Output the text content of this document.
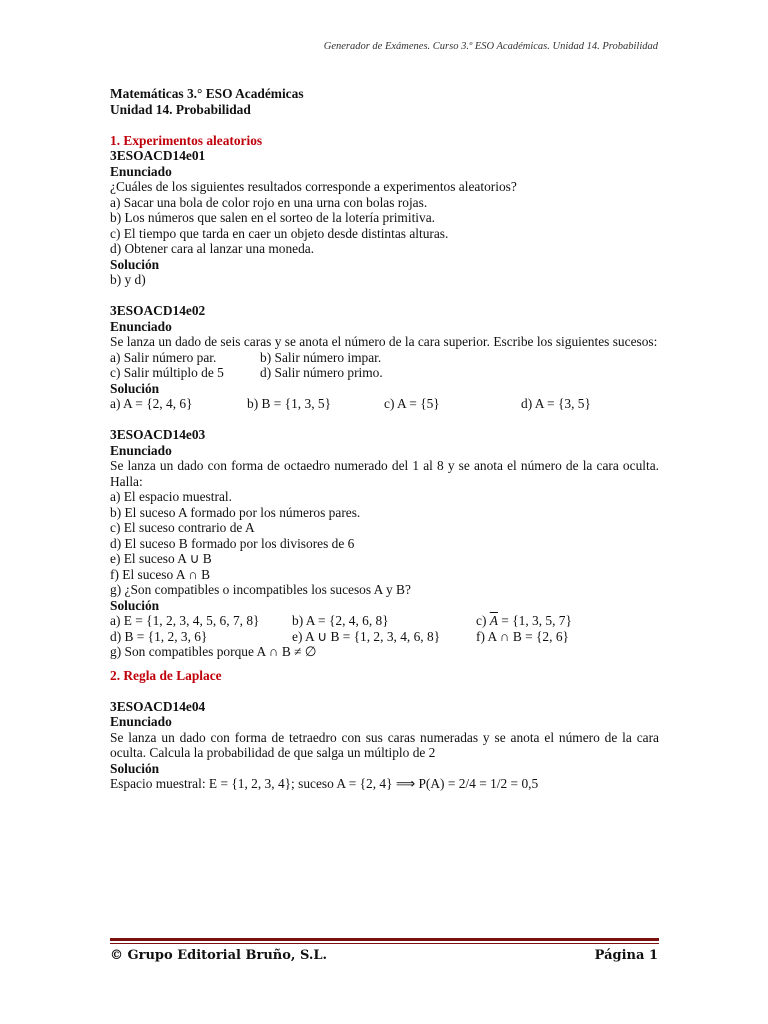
Generador de Exámenes. Curso 3.º ESO Académicas. Unidad 14. Probabilidad
Matemáticas 3.° ESO Académicas
Unidad 14. Probabilidad
1. Experimentos aleatorios
3ESOACD14e01
Enunciado
¿Cuáles de los siguientes resultados corresponde a experimentos aleatorios?
a) Sacar una bola de color rojo en una urna con bolas rojas.
b) Los números que salen en el sorteo de la lotería primitiva.
c) El tiempo que tarda en caer un objeto desde distintas alturas.
d) Obtener cara al lanzar una moneda.
Solución
b) y d)
3ESOACD14e02
Enunciado
Se lanza un dado de seis caras y se anota el número de la cara superior. Escribe los siguientes sucesos:
a) Salir número par.	b) Salir número impar.
c) Salir múltiplo de 5	d) Salir número primo.
Solución
a) A = {2, 4, 6}	b) B = {1, 3, 5}	c) A = {5}	d) A = {3, 5}
3ESOACD14e03
Enunciado
Se lanza un dado con forma de octaedro numerado del 1 al 8 y se anota el número de la cara oculta. Halla:
a) El espacio muestral.
b) El suceso A formado por los números pares.
c) El suceso contrario de A
d) El suceso B formado por los divisores de 6
e) El suceso A ∪ B
f) El suceso A ∩ B
g) ¿Son compatibles o incompatibles los sucesos A y B?
Solución
a) E = {1, 2, 3, 4, 5, 6, 7, 8}	b) A = {2, 4, 6, 8}	c) $\overline{A} = \{1$, 3, 5, 7}
d) B = {1, 2, 3, 6}	e) A ∪ B = {1, 2, 3, 4, 6, 8}	f) A ∩ B = {2, 6}
g) Son compatibles porque A ∩ B ≠ ∅
2. Regla de Laplace
3ESOACD14e04
Enunciado
Se lanza un dado con forma de tetraedro con sus caras numeradas y se anota el número de la cara oculta. Calcula la probabilidad de que salga un múltiplo de 2
Solución
Espacio muestral: E = {1, 2, 3, 4}; suceso A = {2, 4} ⟹ P(A) = 2/4 = 1/2 = 0,5
© Grupo Editorial Bruño, S.L.	Página 1
